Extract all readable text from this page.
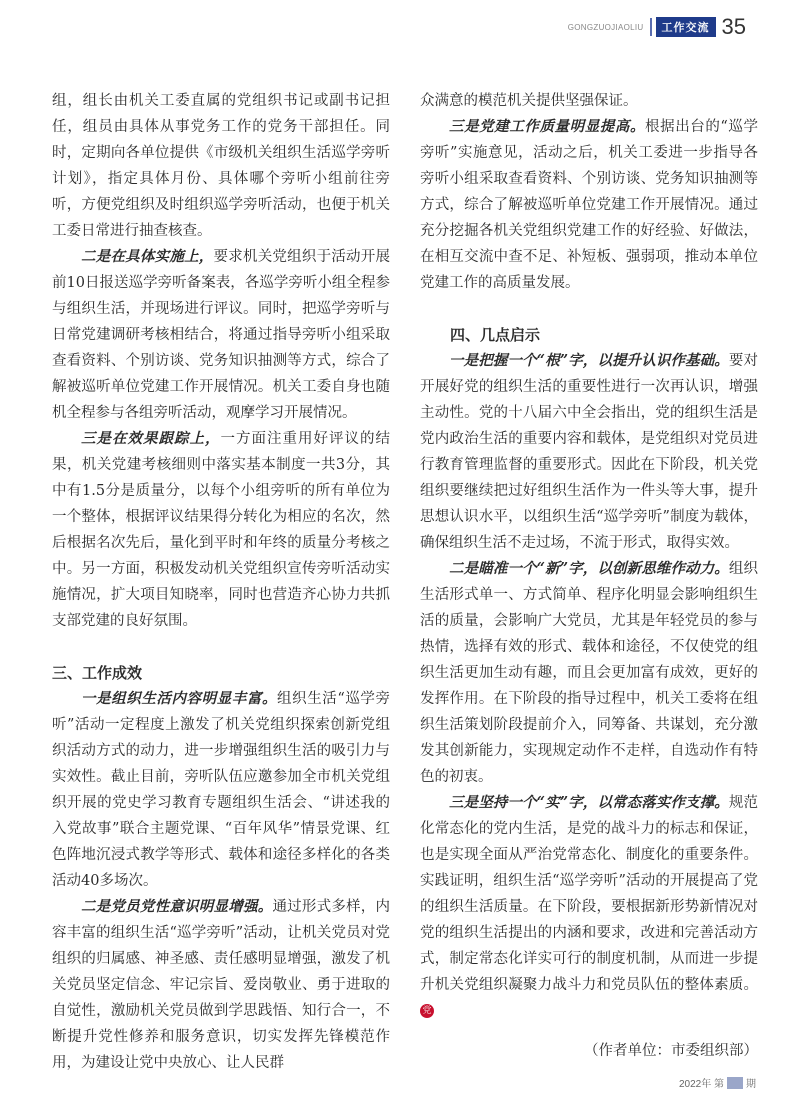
GONGZUOJIAOLIU	工作交流 35

组，组长由机关工委直属的党组织书记或副书记担任，组员由具体从事党务工作的党务干部担任。同时，定期向各单位提供《市级机关组织生活巡学旁听计划》，指定具体月份、具体哪个旁听小组前往旁听，方便党组织及时组织巡学旁听活动，也便于机关工委日常进行抽查核查。

二是在具体实施上，要求机关党组织于活动开展前10日报送巡学旁听备案表，各巡学旁听小组全程参与组织生活，并现场进行评议。同时，把巡学旁听与日常党建调研考核相结合，将通过指导旁听小组采取查看资料、个别访谈、党务知识抽测等方式，综合了解被巡听单位党建工作开展情况。机关工委自身也随机全程参与各组旁听活动，观摩学习开展情况。

三是在效果跟踪上，一方面注重用好评议的结果，机关党建考核细则中落实基本制度一共3分，其中有1.5分是质量分，以每个小组旁听的所有单位为一个整体，根据评议结果得分转化为相应的名次，然后根据名次先后，量化到平时和年终的质量分考核之中。另一方面，积极发动机关党组织宣传旁听活动实施情况，扩大项目知晓率，同时也营造齐心协力共抓支部党建的良好氛围。

三、工作成效

一是组织生活内容明显丰富。组织生活“巡学旁听”活动一定程度上激发了机关党组织探索创新党组织活动方式的动力，进一步增强组织生活的吸引力与实效性。截止目前，旁听队伍应邀参加全市机关党组织开展的党史学习教育专题组织生活会、“讲述我的入党故事”联合主题党课、“百年风华”情景党课、红色阵地沉浸式教学等形式、载体和途径多样化的各类活动40多场次。

二是党员党性意识明显增强。通过形式多样，内容丰富的组织生活“巡学旁听”活动，让机关党员对党组织的归属感、神圣感、责任感明显增强，激发了机关党员坚定信念、牢记宗旨、爱岗敬业、勇于进取的自觉性，激励机关党员做到学思践悟、知行合一，不断提升党性修养和服务意识，切实发挥先锋模范作用，为建设让党中央放心、让人民群

众满意的模范机关提供坚强保证。

三是党建工作质量明显提高。根据出台的“巡学旁听”实施意见，活动之后，机关工委进一步指导各旁听小组采取查看资料、个别访谈、党务知识抽测等方式，综合了解被巡听单位党建工作开展情况。通过充分挖掘各机关党组织党建工作的好经验、好做法，在相互交流中查不足、补短板、强弱项，推动本单位党建工作的高质量发展。

四、几点启示

一是把握一个“根”字，以提升认识作基础。要对开展好党的组织生活的重要性进行一次再认识，增强主动性。党的十八届六中全会指出，党的组织生活是党内政治生活的重要内容和载体，是党组织对党员进行教育管理监督的重要形式。因此在下阶段，机关党组织要继续把过好组织生活作为一件头等大事，提升思想认识水平，以组织生活“巡学旁听”制度为载体，确保组织生活不走过场，不流于形式，取得实效。

二是瞄准一个“新”字，以创新思维作动力。组织生活形式单一、方式简单、程序化明显会影响组织生活的质量，会影响广大党员，尤其是年轻党员的参与热情，选择有效的形式、载体和途径，不仅使党的组织生活更加生动有趣，而且会更加富有成效，更好的发挥作用。在下阶段的指导过程中，机关工委将在组织生活策划阶段提前介入，同筹备、共谋划，充分激发其创新能力，实现规定动作不走样，自选动作有特色的初衷。

三是坚持一个“实”字，以常态落实作支撑。规范化常态化的党内生活，是党的战斗力的标志和保证，也是实现全面从严治党常态化、制度化的重要条件。实践证明，组织生活“巡学旁听”活动的开展提高了党的组织生活质量。在下阶段，要根据新形势新情况对党的组织生活提出的内涵和要求，改进和完善活动方式，制定常态化详实可行的制度机制，从而进一步提升机关党组织凝聚力战斗力和党员队伍的整体素质。党

（作者单位：市委组织部）

2022年 第 期
